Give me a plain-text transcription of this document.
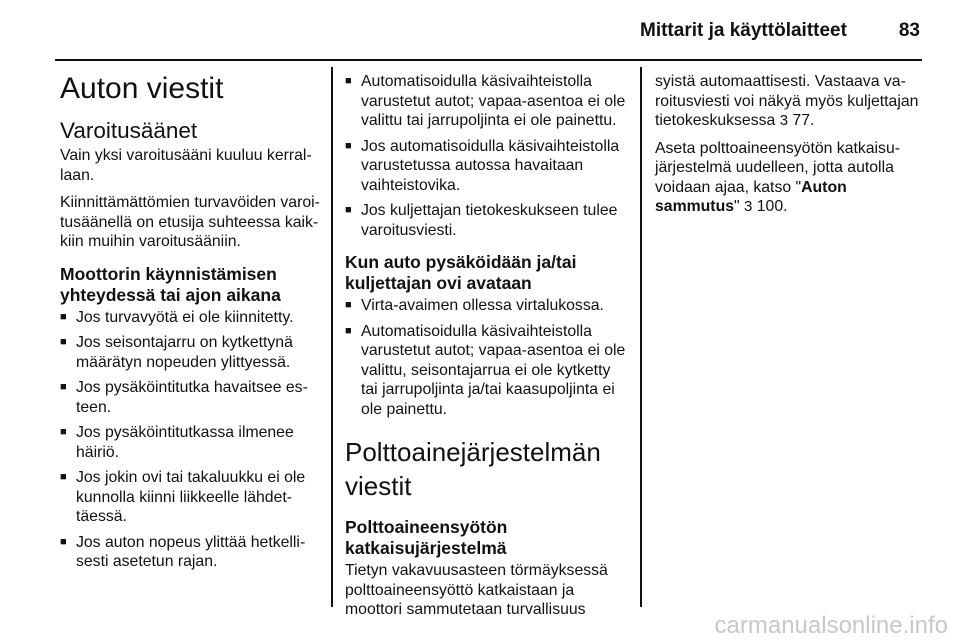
Mittarit ja käyttölaitteet	83
Auton viestit
Varoitusäänet

Vain yksi varoitusääni kuuluu kerrallaan.

Kiinnittämättömien turvavöiden varoitusäänellä on etusija suhteessa kaikkiin muihin varoitusääniin.

Moottorin käynnistämisen yhteydessä tai ajon aikana
■ Jos turvavyötä ei ole kiinnitetty.
■ Jos seisontajarru on kytkettynä määrätyn nopeuden ylittyessä.
■ Jos pysäköintitutka havaitsee esteen.
■ Jos pysäköintitutkassa ilmenee häiriö.
■ Jos jokin ovi tai takaluukku ei ole kunnolla kiinni liikkeelle lähdettäessä.
■ Jos auton nopeus ylittää hetkellisesti asetetun rajan.
■ Automatisoidulla käsivaihteistolla varustetut autot; vapaa-asentoa ei ole valittu tai jarrupoljinta ei ole painettu.
■ Jos automatisoidulla käsivaihteistolla varustetussa autossa havaitaan vaihteistovika.
■ Jos kuljettajan tietokeskukseen tulee varoitusviesti.
Kun auto pysäköidään ja/tai kuljettajan ovi avataan
■ Virta-avaimen ollessa virtalukossa.
■ Automatisoidulla käsivaihteistolla varustetut autot; vapaa-asentoa ei ole valittu, seisontajarrua ei ole kytketty tai jarrupoljinta ja/tai kaasupoljinta ei ole painettu.
Polttoainejärjestelmän viestit
Polttoaineensyötön katkaisujärjestelmä

Tietyn vakavuusasteen törmäyksessä polttoaineensyöttö katkaistaan ja moottori sammutetaan turvallisuus

syistä automaattisesti. Vastaava varoitusviesti voi näkyä myös kuljettajan tietokeskuksessa 3 77.

Aseta polttoaineensyötön katkaisujärjestelmä uudelleen, jotta autolla voidaan ajaa, katso "Auton sammutus" 3 100.

carmanualsonline.info
